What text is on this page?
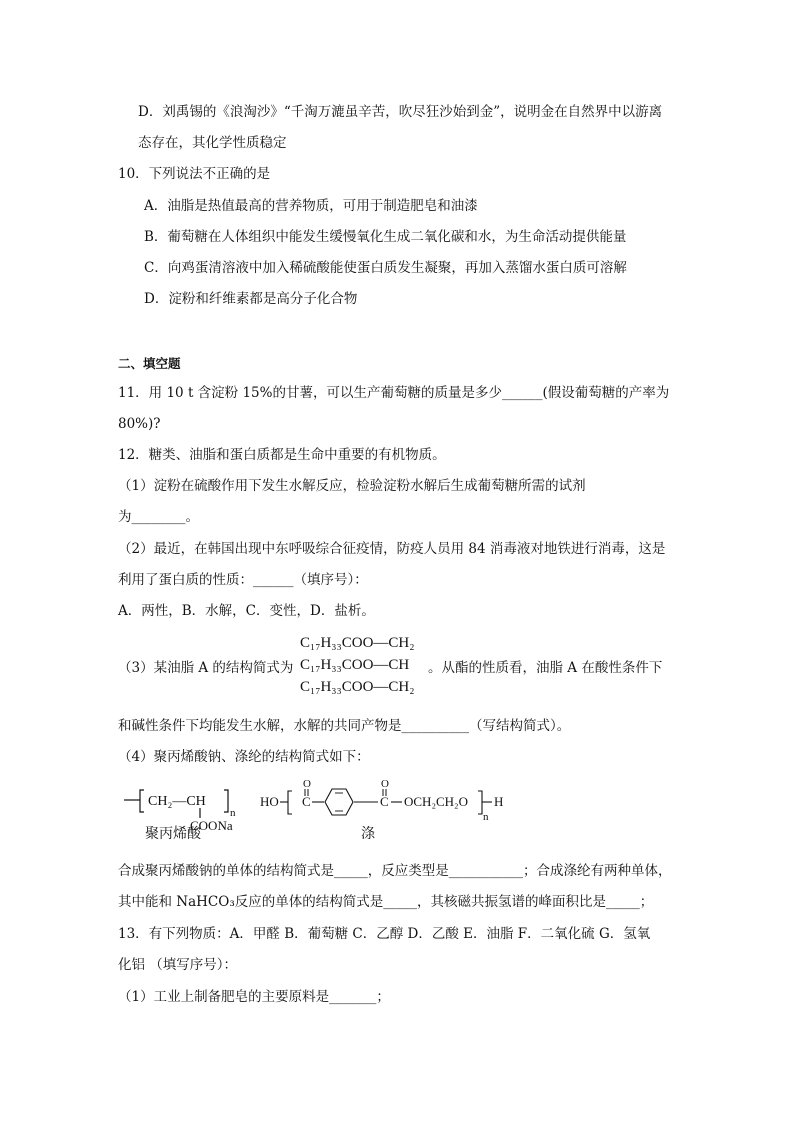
D．刘禹锡的《浪淘沙》“千淘万漉虽辛苦，吹尽狂沙始到金”，说明金在自然界中以游离
态存在，其化学性质稳定
10．下列说法不正确的是
A．油脂是热值最高的营养物质，可用于制造肥皂和油漆
B．葡萄糖在人体组织中能发生缓慢氧化生成二氧化碳和水，为生命活动提供能量
C．向鸡蛋清溶液中加入稀硫酸能使蛋白质发生凝聚，再加入蒸馏水蛋白质可溶解
D．淀粉和纤维素都是高分子化合物
二、填空题
11．用 10 t 含淀粉 15%的甘薯，可以生产葡萄糖的质量是多少______(假设葡萄糖的产率为
80%)?
12．糖类、油脂和蛋白质都是生命中重要的有机物质。
（1）淀粉在硫酸作用下发生水解反应，检验淀粉水解后生成葡萄糖所需的试剂
为________。
（2）最近，在韩国出现中东呼吸综合征疫情，防疫人员用 84 消毒液对地铁进行消毒，这是
利用了蛋白质的性质：______（填序号）：
A．两性，B．水解，C．变性，D．盐析。
（3）某油脂 A 的结构简式为
C₁₇H₃₃COO—CH₂
C₁₇H₃₃COO—CH
C₁₇H₃₃COO—CH₂
。从酯的性质看，油脂 A 在酸性条件下
和碱性条件下均能发生水解，水解的共同产物是__________（写结构简式）。
（4）聚丙烯酸钠、涤纶的结构简式如下：
CH₂—CH
COONa
n
聚丙烯酸
HO
O
C
O
C OCH₂CH₂O
n
H
涤
合成聚丙烯酸钠的单体的结构简式是_____，反应类型是___________；合成涤纶有两种单体，
其中能和 NaHCO₃反应的单体的结构简式是_____，其核磁共振氢谱的峰面积比是_____；
13．有下列物质：A．甲醛 B．葡萄糖 C．乙醇 D．乙酸 E．油脂 F．二氧化硫 G．氢氧
化铝 （填写序号）：
（1）工业上制备肥皂的主要原料是_______；
